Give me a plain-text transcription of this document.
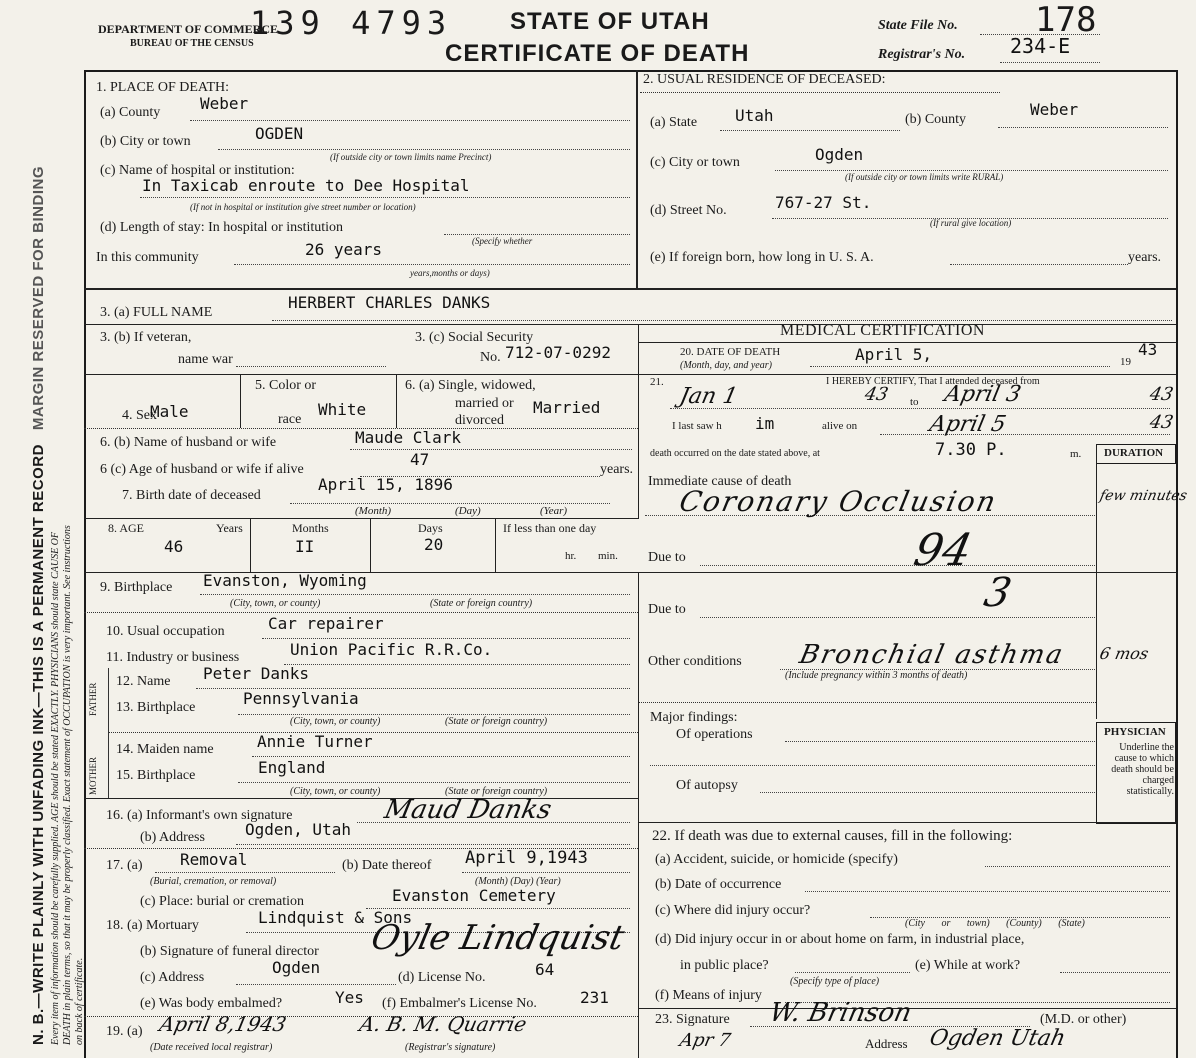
N. B.—WRITE PLAINLY WITH UNFADING INK—THIS IS A PERMANENT RECORD   MARGIN RESERVED FOR BINDING
Every item of information should be carefully supplied. AGE should be stated EXACTLY. PHYSICIANS should state CAUSE OF DEATH in plain terms, so that it may be properly classified. Exact statement of OCCUPATION is very important. See instructions on back of certificate.
DEPARTMENT OF COMMERCE
BUREAU OF THE CENSUS
139 4793 STATE OF UTAH
CERTIFICATE OF DEATH
State File No. 178
Registrar's No. 234-E
1. PLACE OF DEATH:
(a) County Weber
(b) City or town	OGDEN
(If outside city or town limits name Precinct)
(c) Name of hospital or institution:
In Taxicab enroute to Dee Hospital
(If not in hospital or institution give street number or location)
(d) Length of stay: In hospital or institution
(Specify whether
In this community	26 years
years,months or days)
2. USUAL RESIDENCE OF DECEASED:
(a) State Utah	(b) County
Weber
(c) City or town	Ogden
(If outside city or town limits write RURAL)
(d) Street No.	767-27 St.
(If rural give location)
(e) If foreign born, how long in U. S. A.	years.
3. (a) FULL NAME
HERBERT CHARLES DANKS
3. (b) If veteran,
name war
3. (c) Social Security
No. 712-07-0292
4. Sex
Male
5. Color or
race
White
6. (a) Single, widowed,
married or
divorced
Married
6. (b) Name of husband or wife	Maude Clark
6 (c) Age of husband or wife if alive
47
years.
7. Birth date of deceased
April 15, 1896
(Month)	(Day)	(Year)
8. AGE	Years	Months	Days	If less than one day
46	II	20
hr. min.
MEDICAL CERTIFICATION
20. DATE OF DEATH
(Month, day, and year)
April 5,	19
43
21.	I HEREBY CERTIFY, That I attended deceased from
Jan 1	43 to April 3	43
I last saw h im	alive on	April 5	43
death occurred on the date stated above, at	7.30 P.	m. DURATION
Immediate cause of death
Coronary Occlusion	few minutes
Due to	94
Due to	3
Other conditions Bronchial asthma 6 mos
(Include pregnancy within 3 months of death)
Major findings:
Of operations
Of autopsy
PHYSICIAN
Underline the cause to which death should be charged statistically.
9. Birthplace Evanston, Wyoming
(City, town, or county)	(State or foreign country)
10. Usual occupation	Car repairer
11. Industry or business	Union Pacific R.R.Co.
FATHER
MOTHER
12. Name Peter Danks
13. Birthplace	Pennsylvania
(City, town, or county)	(State or foreign country)
14. Maiden name	Annie Turner
15. Birthplace	England
(City, town, or county)	(State or foreign country)
16. (a) Informant's own signature	Maud Danks
(b) Address	Ogden, Utah
17. (a) Removal
(Burial, cremation, or removal)
(b) Date thereof April 9,1943
(Month) (Day) (Year)
(c) Place: burial or cremation	Evanston Cemetery
18. (a) Mortuary	Lindquist & Sons
(b) Signature of funeral director Oyle Lindquist
(c) Address
Ogden
(d) License No.	64
(e) Was body embalmed?	Yes (f) Embalmer's License No.	231
19. (a) April 8,1943	A. B. M. Quarrie
(Date received local registrar)	(Registrar's signature)
22. If death was due to external causes, fill in the following:
(a) Accident, suicide, or homicide (specify)
(b) Date of occurrence
(c) Where did injury occur?
(City or town) (County) (State)
(d) Did injury occur in or about home on farm, in industrial place,
in public place?	(e) While at work?
(Specify type of place)
(f) Means of injury
23. Signature W. Brinson	(M.D. or other)
Apr 7	Address Ogden Utah
